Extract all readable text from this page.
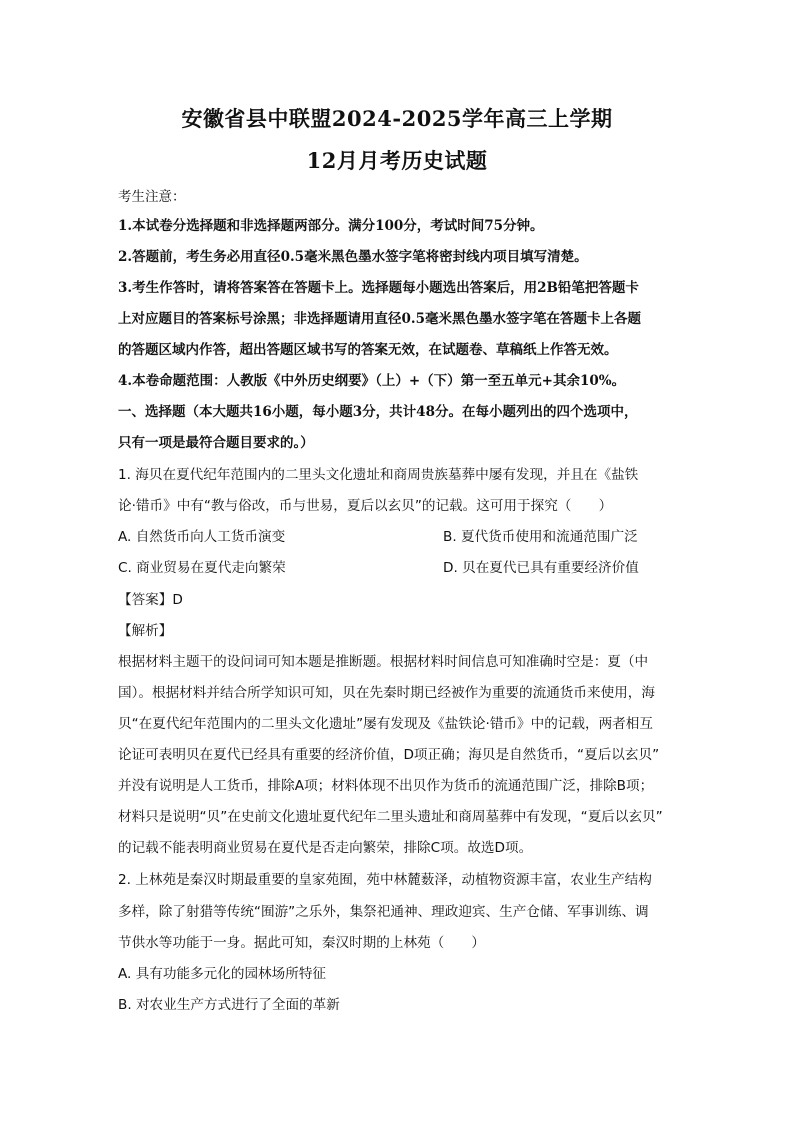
安徽省县中联盟2024-2025学年高三上学期
12月月考历史试题
考生注意：
1.本试卷分选择题和非选择题两部分。满分100分，考试时间75分钟。
2.答题前，考生务必用直径0.5毫米黑色墨水签字笔将密封线内项目填写清楚。
3.考生作答时，请将答案答在答题卡上。选择题每小题选出答案后，用2B铅笔把答题卡
上对应题目的答案标号涂黑；非选择题请用直径0.5毫米黑色墨水签字笔在答题卡上各题
的答题区域内作答，超出答题区域书写的答案无效，在试题卷、草稿纸上作答无效。
4.本卷命题范围：人教版《中外历史纲要》（上）+（下）第一至五单元+其余10%。
一、选择题（本大题共16小题，每小题3分，共计48分。在每小题列出的四个选项中，
只有一项是最符合题目要求的。）
1. 海贝在夏代纪年范围内的二里头文化遗址和商周贵族墓葬中屡有发现，并且在《盐铁
论·错币》中有“教与俗改，币与世易，夏后以玄贝”的记载。这可用于探究（　　）
A. 自然货币向人工货币演变	B. 夏代货币使用和流通范围广泛
C. 商业贸易在夏代走向繁荣	D. 贝在夏代已具有重要经济价值
【答案】D
【解析】
根据材料主题干的设问词可知本题是推断题。根据材料时间信息可知准确时空是：夏（中
国）。根据材料并结合所学知识可知，贝在先秦时期已经被作为重要的流通货币来使用，海
贝“在夏代纪年范围内的二里头文化遗址”屡有发现及《盐铁论·错币》中的记载，两者相互
论证可表明贝在夏代已经具有重要的经济价值，D项正确；海贝是自然货币，“夏后以玄贝”
并没有说明是人工货币，排除A项；材料体现不出贝作为货币的流通范围广泛，排除B项；
材料只是说明“贝”在史前文化遗址夏代纪年二里头遗址和商周墓葬中有发现，“夏后以玄贝”
的记载不能表明商业贸易在夏代是否走向繁荣，排除C项。故选D项。
2. 上林苑是秦汉时期最重要的皇家苑囿，苑中林麓薮泽，动植物资源丰富，农业生产结构
多样，除了射猎等传统“囿游”之乐外，集祭祀通神、理政迎宾、生产仓储、军事训练、调
节供水等功能于一身。据此可知，秦汉时期的上林苑（　　）
A. 具有功能多元化的园林场所特征
B. 对农业生产方式进行了全面的革新
